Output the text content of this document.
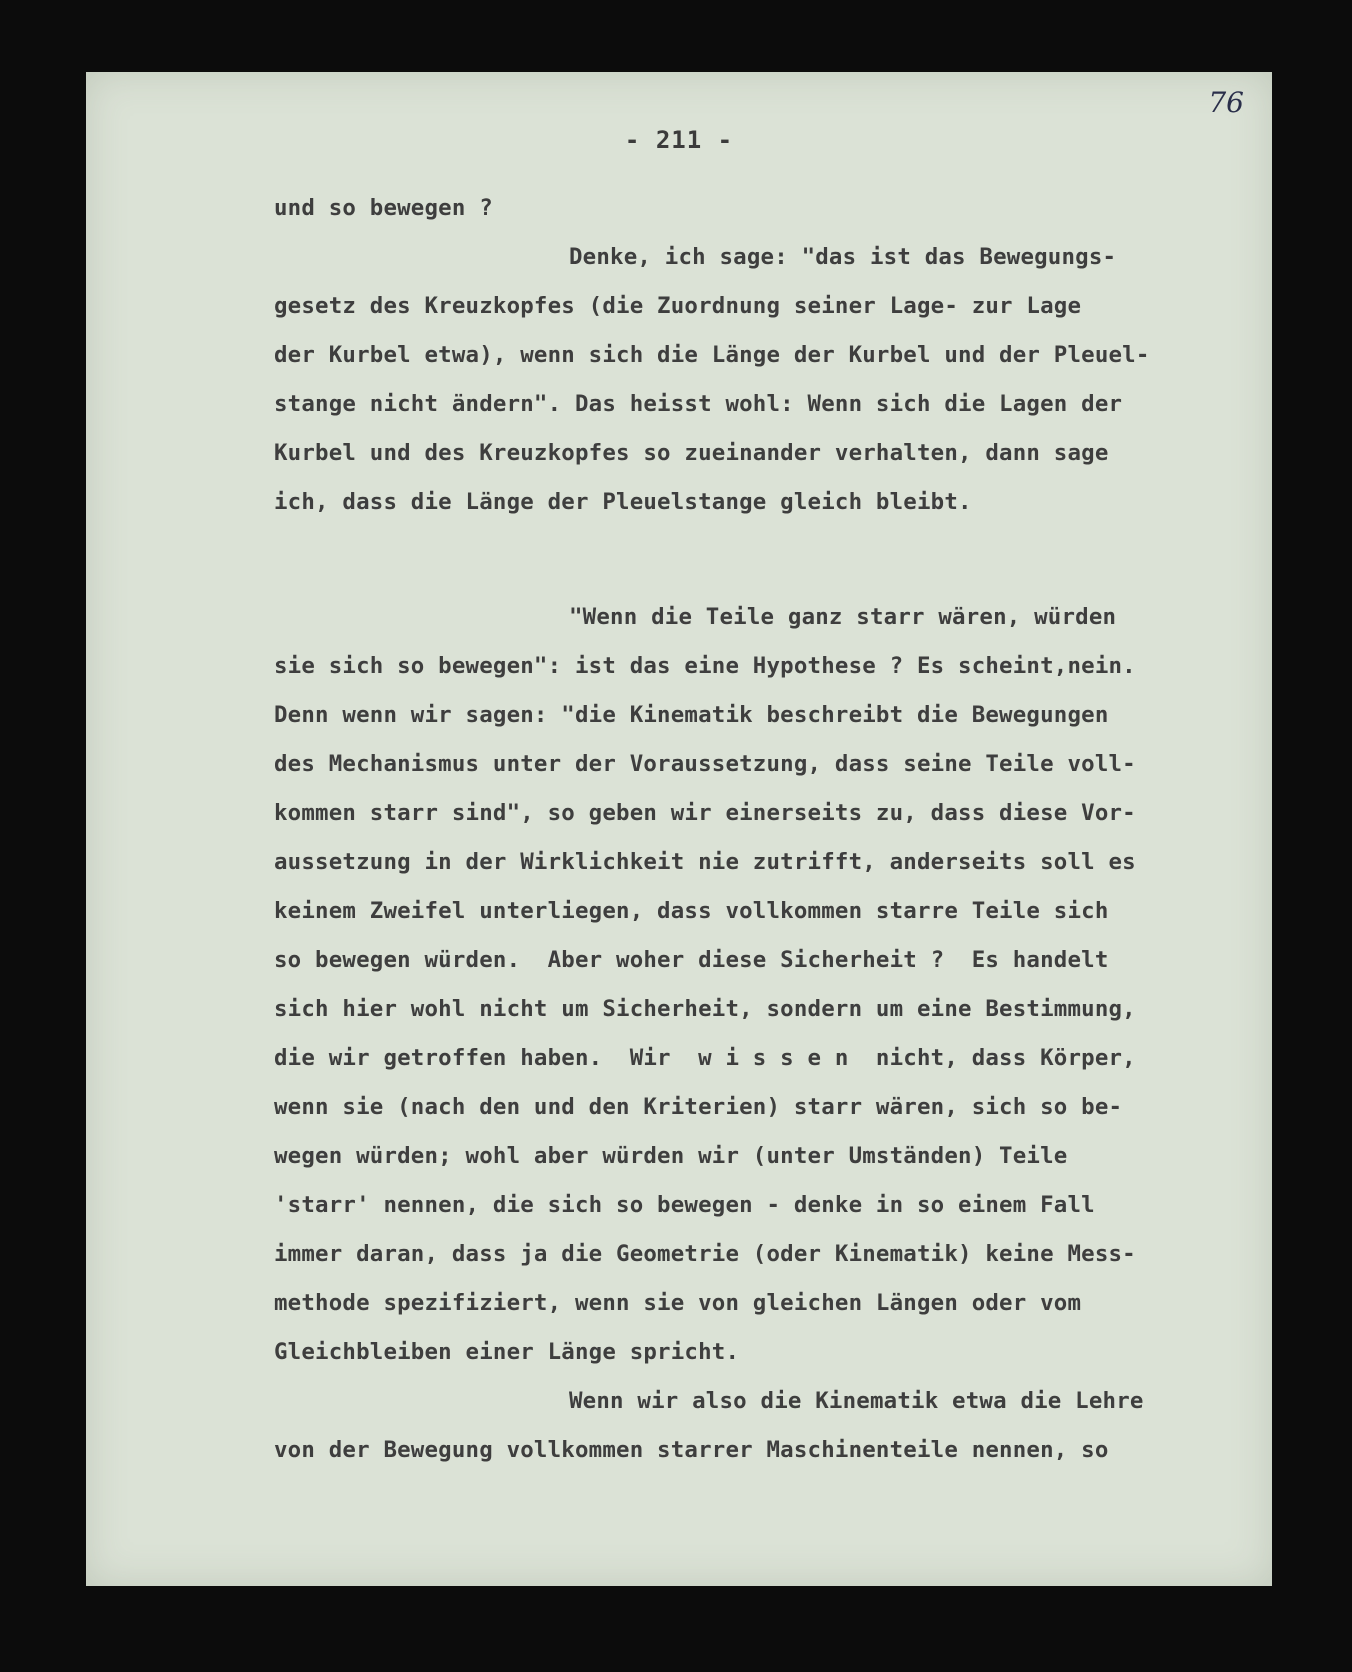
76
- 211 -
und so bewegen ?
Denke, ich sage: "das ist das Bewegungs-
gesetz des Kreuzkopfes (die Zuordnung seiner Lage- zur Lage
der Kurbel etwa), wenn sich die Länge der Kurbel und der Pleuel-
stange nicht ändern". Das heisst wohl: Wenn sich die Lagen der
Kurbel und des Kreuzkopfes so zueinander verhalten, dann sage
ich, dass die Länge der Pleuelstange gleich bleibt.
"Wenn die Teile ganz starr wären, würden
sie sich so bewegen": ist das eine Hypothese ? Es scheint,nein.
Denn wenn wir sagen: "die Kinematik beschreibt die Bewegungen
des Mechanismus unter der Voraussetzung, dass seine Teile voll-
kommen starr sind", so geben wir einerseits zu, dass diese Vor-
aussetzung in der Wirklichkeit nie zutrifft, anderseits soll es
keinem Zweifel unterliegen, dass vollkommen starre Teile sich
so bewegen würden.  Aber woher diese Sicherheit ?  Es handelt
sich hier wohl nicht um Sicherheit, sondern um eine Bestimmung,
die wir getroffen haben.  Wir  w i s s e n  nicht, dass Körper,
wenn sie (nach den und den Kriterien) starr wären, sich so be-
wegen würden; wohl aber würden wir (unter Umständen) Teile
'starr' nennen, die sich so bewegen - denke in so einem Fall
immer daran, dass ja die Geometrie (oder Kinematik) keine Mess-
methode spezifiziert, wenn sie von gleichen Längen oder vom
Gleichbleiben einer Länge spricht.
Wenn wir also die Kinematik etwa die Lehre
von der Bewegung vollkommen starrer Maschinenteile nennen, so
